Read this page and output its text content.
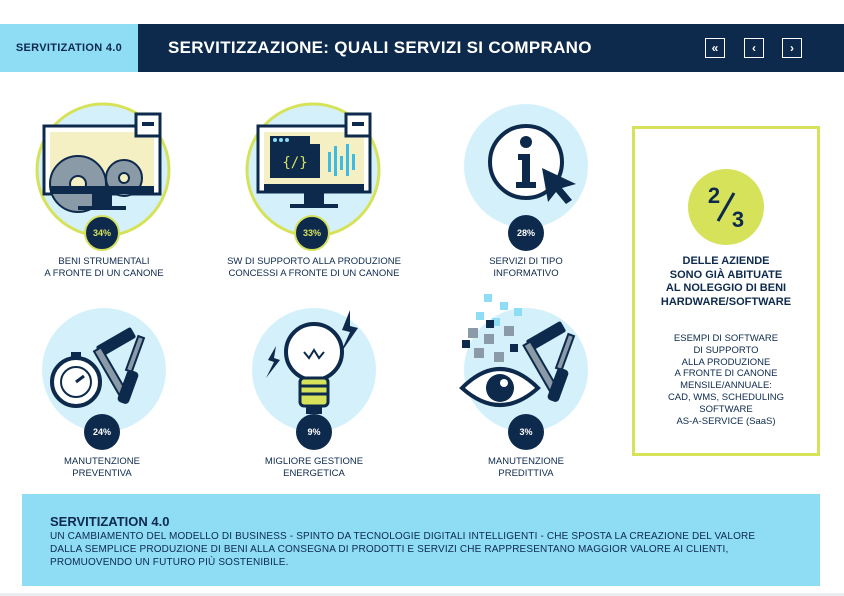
SERVITIZATION 4.0	SERVITIZZAZIONE: QUALI SERVIZI SI COMPRANO	«	‹	›
34%
BENI STRUMENTALI
A FRONTE DI UN CANONE
{/}
33%
SW DI SUPPORTO ALLA PRODUZIONE
CONCESSI A FRONTE DI UN CANONE
28%
SERVIZI DI TIPO
INFORMATIVO
24%
MANUTENZIONE
PREVENTIVA
9%
MIGLIORE GESTIONE
ENERGETICA
3%
MANUTENZIONE
PREDITTIVA
2
3
DELLE AZIENDE
SONO GIÀ ABITUATE
AL NOLEGGIO DI BENI
HARDWARE/SOFTWARE
ESEMPI DI SOFTWARE
DI SUPPORTO
ALLA PRODUZIONE
A FRONTE DI CANONE
MENSILE/ANNUALE:
CAD, WMS, SCHEDULING
SOFTWARE
AS-A-SERVICE (SaaS)
SERVITIZATION 4.0
UN CAMBIAMENTO DEL MODELLO DI BUSINESS - SPINTO DA TECNOLOGIE DIGITALI INTELLIGENTI - CHE SPOSTA LA CREAZIONE DEL VALORE
DALLA SEMPLICE PRODUZIONE DI BENI ALLA CONSEGNA DI PRODOTTI E SERVIZI CHE RAPPRESENTANO MAGGIOR VALORE AI CLIENTI,
PROMUOVENDO UN FUTURO PIÙ SOSTENIBILE.
